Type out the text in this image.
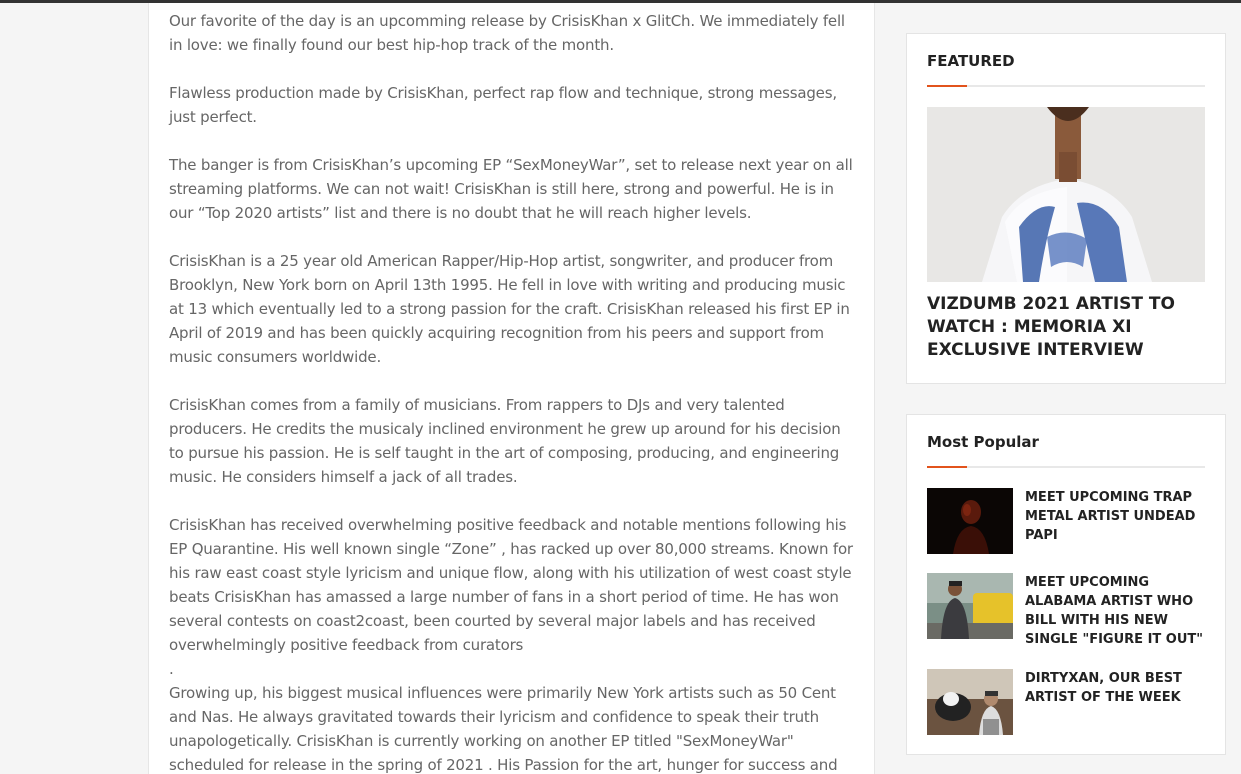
Our favorite of the day is an upcomming release by CrisisKhan x GlitCh. We immediately fell in love: we finally found our best hip-hop track of the month.

Flawless production made by CrisisKhan, perfect rap flow and technique, strong messages, just perfect.

The banger is from CrisisKhan’s upcoming EP “SexMoneyWar”, set to release next year on all streaming platforms. We can not wait! CrisisKhan is still here, strong and powerful. He is in our “Top 2020 artists” list and there is no doubt that he will reach higher levels.

CrisisKhan is a 25 year old American Rapper/Hip-Hop artist, songwriter, and producer from Brooklyn, New York born on April 13th 1995. He fell in love with writing and producing music at 13 which eventually led to a strong passion for the craft. CrisisKhan released his first EP in April of 2019 and has been quickly acquiring recognition from his peers and support from music consumers worldwide.

CrisisKhan comes from a family of musicians. From rappers to DJs and very talented producers. He credits the musicaly inclined environment he grew up around for his decision to pursue his passion. He is self taught in the art of composing, producing, and engineering music. He considers himself a jack of all trades.

CrisisKhan has received overwhelming positive feedback and notable mentions following his EP Quarantine. His well known single “Zone” , has racked up over 80,000 streams. Known for his raw east coast style lyricism and unique flow, along with his utilization of west coast style beats CrisisKhan has amassed a large number of fans in a short period of time. He has won several contests on coast2coast, been courted by several major labels and has received overwhelmingly positive feedback from curators

.

Growing up, his biggest musical influences were primarily New York artists such as 50 Cent and Nas. He always gravitated towards their lyricism and confidence to speak their truth unapologetically. CrisisKhan is currently working on another EP titled "SexMoneyWar" scheduled for release in the spring of 2021 . His Passion for the art, hunger for success and

FEATURED
VIZDUMB 2021 ARTIST TO WATCH : MEMORIA XI EXCLUSIVE INTERVIEW
Most Popular
MEET UPCOMING TRAP METAL ARTIST UNDEAD PAPI
MEET UPCOMING ALABAMA ARTIST WHO BILL WITH HIS NEW SINGLE "FIGURE IT OUT"
DIRTYXAN, OUR BEST ARTIST OF THE WEEK
